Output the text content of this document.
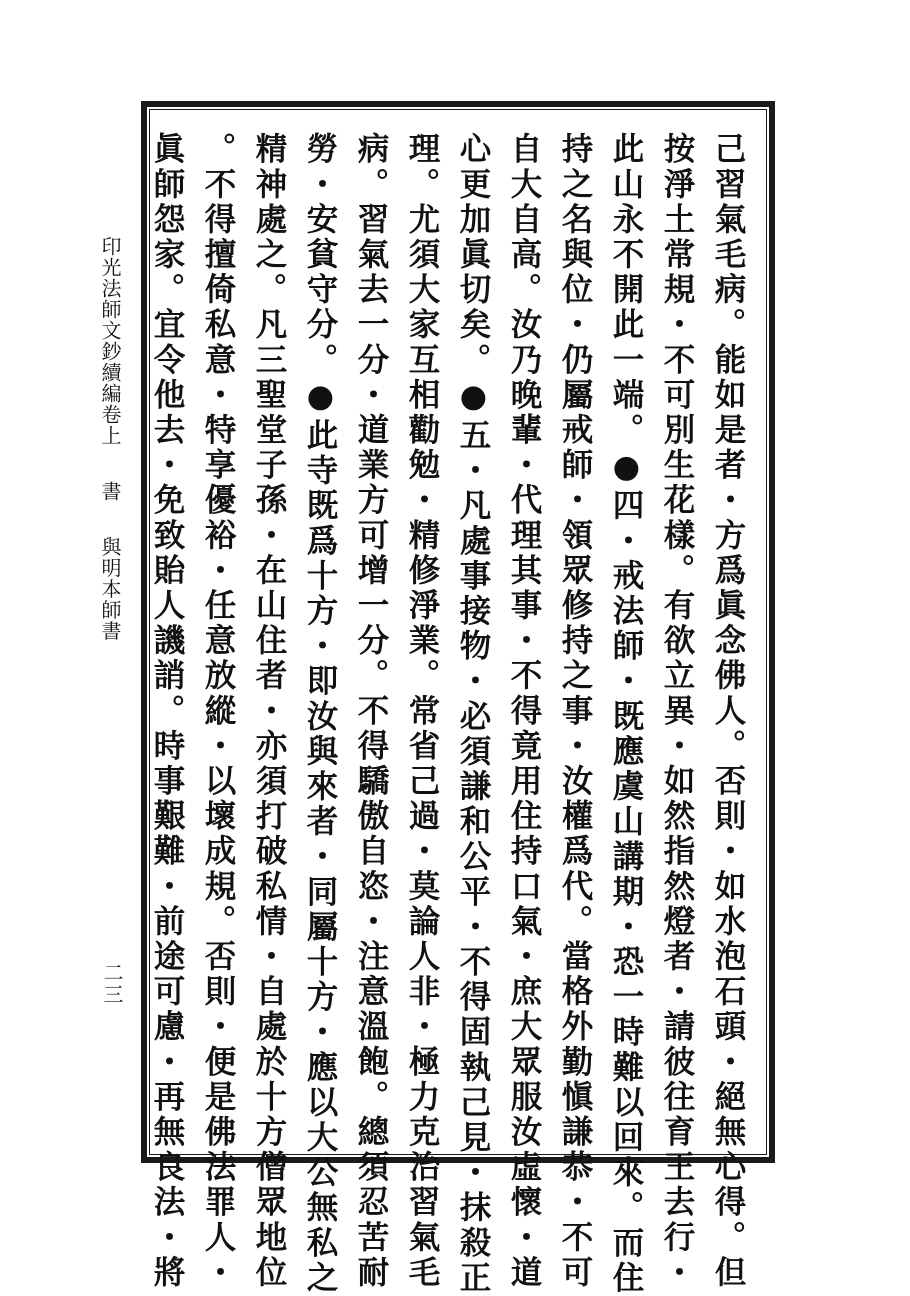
印光法師文鈔續編卷上  書  與明本師書
二三	己習氣毛病。能如是者・方爲眞念佛人。否則・如水泡石頭・絕無心得。但
按淨土常規・不可別生花樣。有欲立異・如然指然燈者・請彼往育王去行・
此山永不開此一端。●四・戒法師・既應虞山講期・恐一時難以回來。而住
持之名與位・仍屬戒師・領眾修持之事・汝權爲代。當格外勤愼謙恭・不可
自大自高。汝乃晚輩・代理其事・不得竟用住持口氣・庶大眾服汝虛懷・道
心更加眞切矣。●五・凡處事接物・必須謙和公平・不得固執己見・抹殺正
理。尤須大家互相勸勉・精修淨業。常省己過・莫論人非・極力克治習氣毛
病。習氣去一分・道業方可增一分。不得驕傲自恣・注意溫飽。總須忍苦耐
勞・安貧守分。●此寺既爲十方・即汝與來者・同屬十方・應以大公無私之
精神處之。凡三聖堂子孫・在山住者・亦須打破私情・自處於十方僧眾地位
。不得擅倚私意・特享優裕・任意放縱・以壞成規。否則・便是佛法罪人・
眞師怨家。宜令他去・免致貽人譏誚。時事艱難・前途可慮・再無良法・將
